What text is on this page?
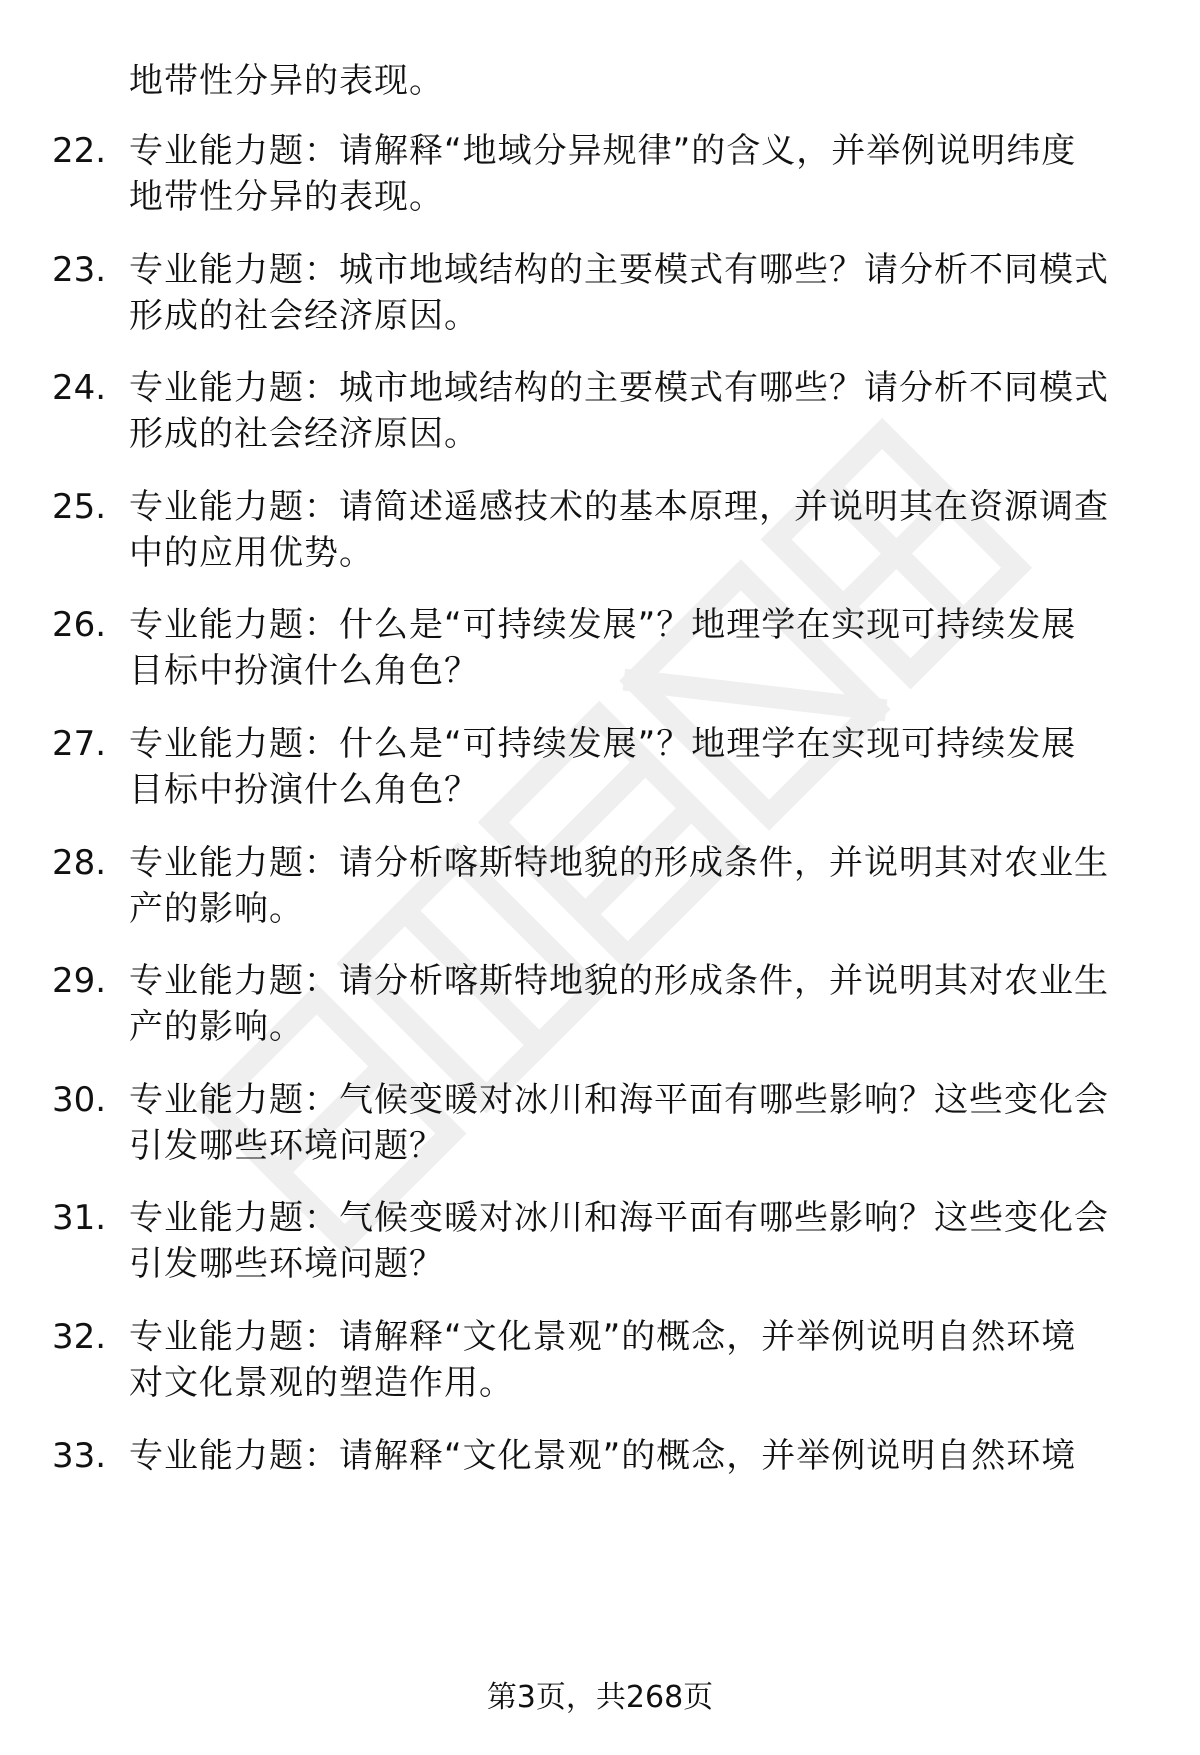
地带性分异的表现。
22. 专业能力题：请解释“地域分异规律”的含义，并举例说明纬度
地带性分异的表现。
23. 专业能力题：城市地域结构的主要模式有哪些？请分析不同模式
形成的社会经济原因。
24. 专业能力题：城市地域结构的主要模式有哪些？请分析不同模式
形成的社会经济原因。
25. 专业能力题：请简述遥感技术的基本原理，并说明其在资源调查
中的应用优势。
26. 专业能力题：什么是“可持续发展”？地理学在实现可持续发展
目标中扮演什么角色？
27. 专业能力题：什么是“可持续发展”？地理学在实现可持续发展
目标中扮演什么角色？
28. 专业能力题：请分析喀斯特地貌的形成条件，并说明其对农业生
产的影响。
29. 专业能力题：请分析喀斯特地貌的形成条件，并说明其对农业生
产的影响。
30. 专业能力题：气候变暖对冰川和海平面有哪些影响？这些变化会
引发哪些环境问题？
31. 专业能力题：气候变暖对冰川和海平面有哪些影响？这些变化会
引发哪些环境问题？
32. 专业能力题：请解释“文化景观”的概念，并举例说明自然环境
对文化景观的塑造作用。
33. 专业能力题：请解释“文化景观”的概念，并举例说明自然环境
第3页，共268页
